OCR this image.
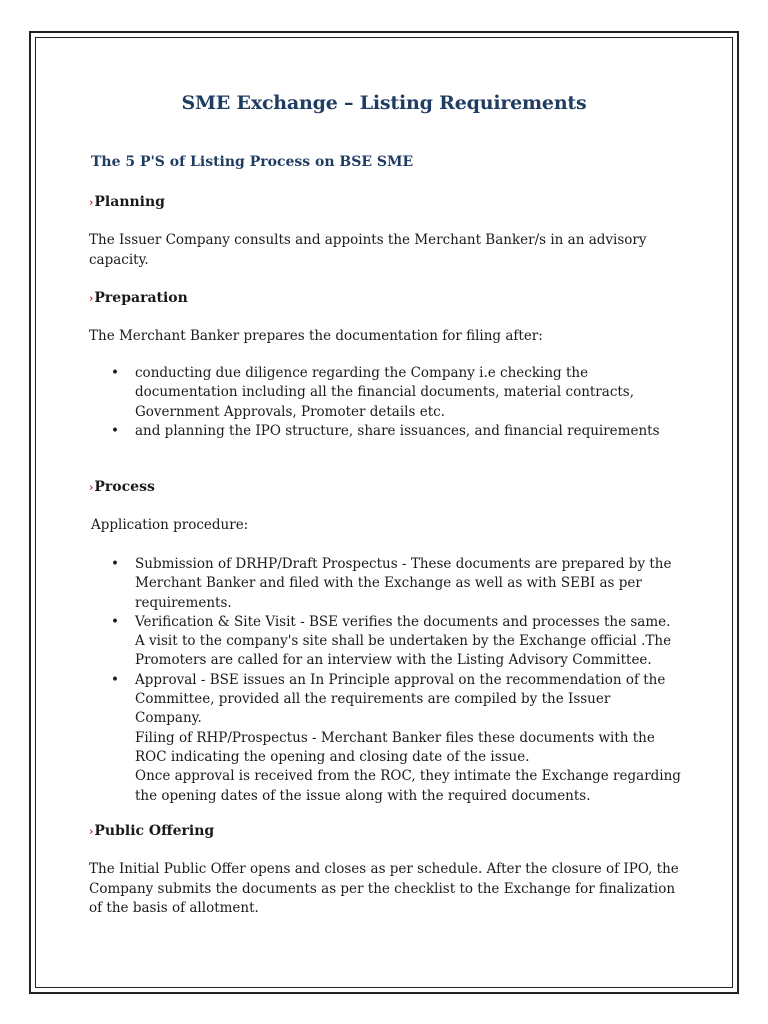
SME Exchange – Listing Requirements
The 5 P'S of Listing Process on BSE SME
› Planning
The Issuer Company consults and appoints the Merchant Banker/s in an advisory capacity.
› Preparation
The Merchant Banker prepares the documentation for filing after:
• conducting due diligence regarding the Company i.e checking the documentation including all the financial documents, material contracts, Government Approvals, Promoter details etc.
• and planning the IPO structure, share issuances, and financial requirements
› Process
Application procedure:
• Submission of DRHP/Draft Prospectus - These documents are prepared by the Merchant Banker and filed with the Exchange as well as with SEBI as per requirements.
• Verification & Site Visit - BSE verifies the documents and processes the same. A visit to the company's site shall be undertaken by the Exchange official .The Promoters are called for an interview with the Listing Advisory Committee.
• Approval - BSE issues an In Principle approval on the recommendation of the Committee, provided all the requirements are compiled by the Issuer Company.
Filing of RHP/Prospectus - Merchant Banker files these documents with the ROC indicating the opening and closing date of the issue.
Once approval is received from the ROC, they intimate the Exchange regarding the opening dates of the issue along with the required documents.
› Public Offering
The Initial Public Offer opens and closes as per schedule. After the closure of IPO, the Company submits the documents as per the checklist to the Exchange for finalization of the basis of allotment.
